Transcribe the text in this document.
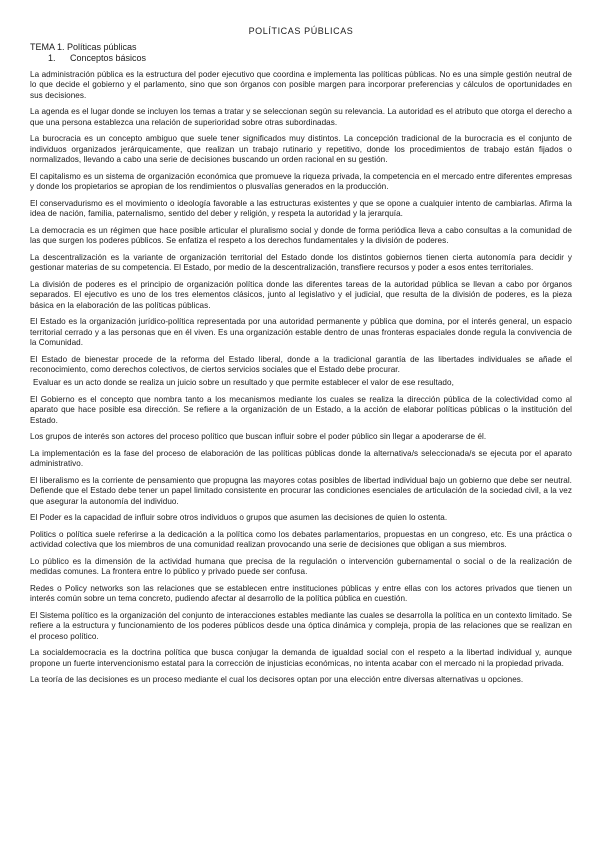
POLÍTICAS PÚBLICAS
TEMA 1. Políticas públicas
1. Conceptos básicos

La administración pública es la estructura del poder ejecutivo que coordina e implementa las políticas públicas. No es una simple gestión neutral de lo que decide el gobierno y el parlamento, sino que son órganos con posible margen para incorporar preferencias y cálculos de oportunidades en sus decisiones.

La agenda es el lugar donde se incluyen los temas a tratar y se seleccionan según su relevancia. La autoridad es el atributo que otorga el derecho a que una persona establezca una relación de superioridad sobre otras subordinadas.

La burocracia es un concepto ambiguo que suele tener significados muy distintos. La concepción tradicional de la burocracia es el conjunto de individuos organizados jerárquicamente, que realizan un trabajo rutinario y repetitivo, donde los procedimientos de trabajo están fijados o normalizados, llevando a cabo una serie de decisiones buscando un orden racional en su gestión.

El capitalismo es un sistema de organización económica que promueve la riqueza privada, la competencia en el mercado entre diferentes empresas y donde los propietarios se apropian de los rendimientos o plusvalías generados en la producción.

El conservadurismo es el movimiento o ideología favorable a las estructuras existentes y que se opone a cualquier intento de cambiarlas. Afirma la idea de nación, familia, paternalismo, sentido del deber y religión, y respeta la autoridad y la jerarquía.

La democracia es un régimen que hace posible articular el pluralismo social y donde de forma periódica lleva a cabo consultas a la comunidad de las que surgen los poderes públicos. Se enfatiza el respeto a los derechos fundamentales y la división de poderes.

La descentralización es la variante de organización territorial del Estado donde los distintos gobiernos tienen cierta autonomía para decidir y gestionar materias de su competencia. El Estado, por medio de la descentralización, transfiere recursos y poder a esos entes territoriales.

La división de poderes es el principio de organización política donde las diferentes tareas de la autoridad pública se llevan a cabo por órganos separados. El ejecutivo es uno de los tres elementos clásicos, junto al legislativo y el judicial, que resulta de la división de poderes, es la pieza básica en la elaboración de las políticas públicas.

El Estado es la organización jurídico-política representada por una autoridad permanente y pública que domina, por el interés general, un espacio territorial cerrado y a las personas que en él viven. Es una organización estable dentro de unas fronteras espaciales donde regula la convivencia de la Comunidad.

El Estado de bienestar procede de la reforma del Estado liberal, donde a la tradicional garantía de las libertades individuales se añade el reconocimiento, como derechos colectivos, de ciertos servicios sociales que el Estado debe procurar.

Evaluar es un acto donde se realiza un juicio sobre un resultado y que permite establecer el valor de ese resultado,

El Gobierno es el concepto que nombra tanto a los mecanismos mediante los cuales se realiza la dirección pública de la colectividad como al aparato que hace posible esa dirección. Se refiere a la organización de un Estado, a la acción de elaborar políticas públicas o la institución del Estado.

Los grupos de interés son actores del proceso político que buscan influir sobre el poder público sin llegar a apoderarse de él.

La implementación es la fase del proceso de elaboración de las políticas públicas donde la alternativa/s seleccionada/s se ejecuta por el aparato administrativo.

El liberalismo es la corriente de pensamiento que propugna las mayores cotas posibles de libertad individual bajo un gobierno que debe ser neutral. Defiende que el Estado debe tener un papel limitado consistente en procurar las condiciones esenciales de articulación de la sociedad civil, a la vez que asegurar la autonomía del individuo.

El Poder es la capacidad de influir sobre otros individuos o grupos que asumen las decisiones de quien lo ostenta.

Politics o política suele referirse a la dedicación a la política como los debates parlamentarios, propuestas en un congreso, etc. Es una práctica o actividad colectiva que los miembros de una comunidad realizan provocando una serie de decisiones que obligan a sus miembros.

Lo público es la dimensión de la actividad humana que precisa de la regulación o intervención gubernamental o social o de la realización de medidas comunes. La frontera entre lo público y privado puede ser confusa.

Redes o Policy networks son las relaciones que se establecen entre instituciones públicas y entre ellas con los actores privados que tienen un interés común sobre un tema concreto, pudiendo afectar al desarrollo de la política pública en cuestión.

El Sistema político es la organización del conjunto de interacciones estables mediante las cuales se desarrolla la política en un contexto limitado. Se refiere a la estructura y funcionamiento de los poderes públicos desde una óptica dinámica y compleja, propia de las relaciones que se realizan en el proceso político.

La socialdemocracia es la doctrina política que busca conjugar la demanda de igualdad social con el respeto a la libertad individual y, aunque propone un fuerte intervencionismo estatal para la corrección de injusticias económicas, no intenta acabar con el mercado ni la propiedad privada.

La teoría de las decisiones es un proceso mediante el cual los decisores optan por una elección entre diversas alternativas u opciones.
